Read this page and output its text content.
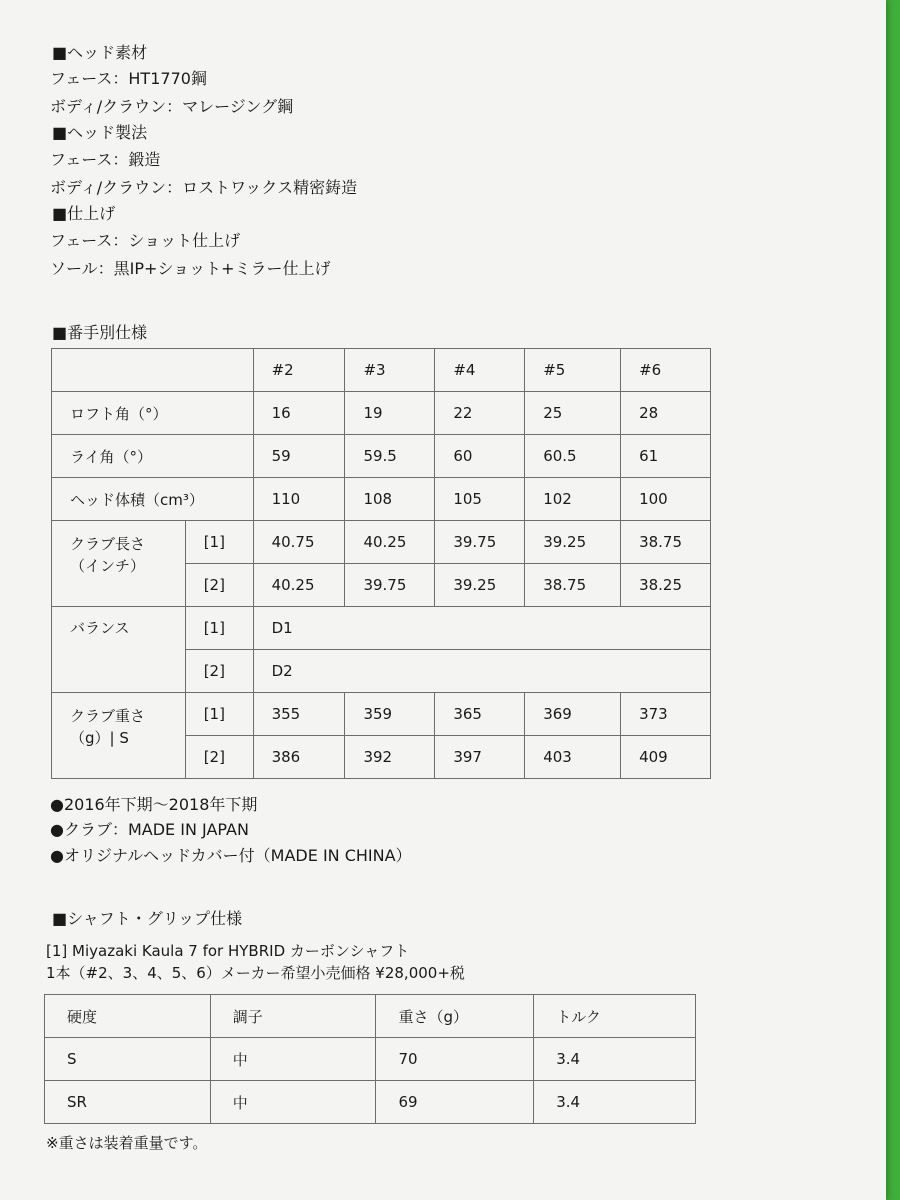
■ヘッド素材
フェース：HT1770鋼
ボディ/クラウン：マレージング鋼
■ヘッド製法
フェース：鍛造
ボディ/クラウン：ロストワックス精密鋳造
■仕上げ
フェース：ショット仕上げ
ソール：黒IP+ショット+ミラー仕上げ
■番手別仕様
		#2	#3	#4	#5	#6
ロフト角（°）		16	19	22	25	28
ライ角（°）		59	59.5	60	60.5	61
ヘッド体積（cm³）		110	108	105	102	100

クラブ長さ
（インチ）	[1]	40.75	40.25	39.75	39.25	38.75
	[2]	40.25	39.75	39.25	38.75	38.25
バランス	[1]	D1				
	[2]	D2				

クラブ重さ
（g）| S	[1]	355	359	365	369	373
	[2]	386	392	397	403	409
●2016年下期～2018年下期
●クラブ：MADE IN JAPAN
●オリジナルヘッドカバー付（MADE IN CHINA）
■シャフト・グリップ仕様
[1] Miyazaki Kaula 7 for HYBRID カーボンシャフト
1本（#2、3、4、5、6）メーカー希望小売価格 ¥28,000+税
硬度	調子	重さ（g）	トルク
S	中	70	3.4
SR	中	69	3.4
※重さは装着重量です。
